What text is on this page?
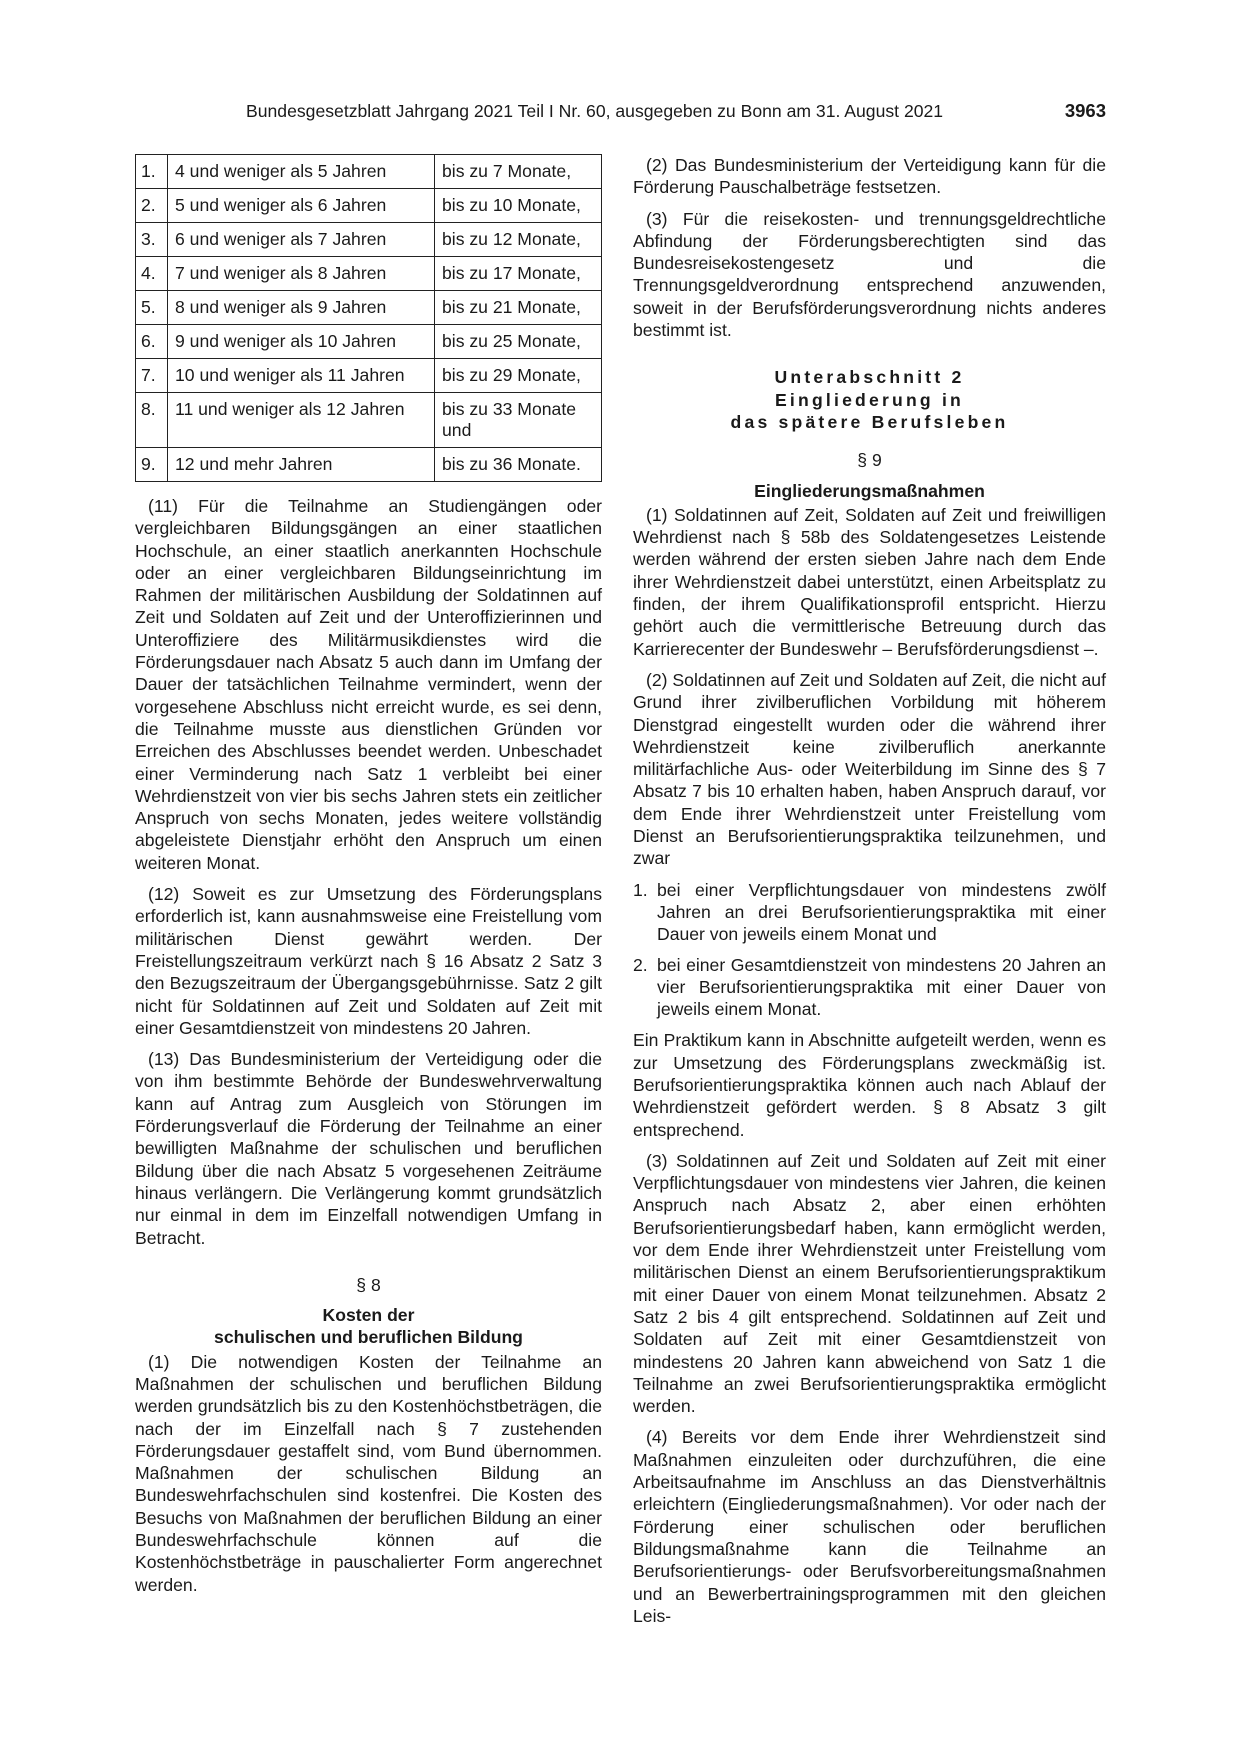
Bundesgesetzblatt Jahrgang 2021 Teil I Nr. 60, ausgegeben zu Bonn am 31. August 2021	3963
1.	4 und weniger als 5 Jahren	bis zu 7 Monate,
2.	5 und weniger als 6 Jahren	bis zu 10 Monate,
3.	6 und weniger als 7 Jahren	bis zu 12 Monate,
4.	7 und weniger als 8 Jahren	bis zu 17 Monate,
5.	8 und weniger als 9 Jahren	bis zu 21 Monate,
6.	9 und weniger als 10 Jahren	bis zu 25 Monate,
7.	10 und weniger als 11 Jahren	bis zu 29 Monate,
8.	11 und weniger als 12 Jahren	bis zu 33 Monate und
9.	12 und mehr Jahren	bis zu 36 Monate.

(11) Für die Teilnahme an Studiengängen oder vergleichbaren Bildungsgängen an einer staatlichen Hochschule, an einer staatlich anerkannten Hochschule oder an einer vergleichbaren Bildungseinrichtung im Rahmen der militärischen Ausbildung der Soldatinnen auf Zeit und Soldaten auf Zeit und der Unteroffizierinnen und Unteroffiziere des Militärmusikdienstes wird die Förderungsdauer nach Absatz 5 auch dann im Umfang der Dauer der tatsächlichen Teilnahme vermindert, wenn der vorgesehene Abschluss nicht erreicht wurde, es sei denn, die Teilnahme musste aus dienstlichen Gründen vor Erreichen des Abschlusses beendet werden. Unbeschadet einer Verminderung nach Satz 1 verbleibt bei einer Wehrdienstzeit von vier bis sechs Jahren stets ein zeitlicher Anspruch von sechs Monaten, jedes weitere vollständig abgeleistete Dienstjahr erhöht den Anspruch um einen weiteren Monat.

(12) Soweit es zur Umsetzung des Förderungsplans erforderlich ist, kann ausnahmsweise eine Freistellung vom militärischen Dienst gewährt werden. Der Freistellungszeitraum verkürzt nach § 16 Absatz 2 Satz 3 den Bezugszeitraum der Übergangsgebührnisse. Satz 2 gilt nicht für Soldatinnen auf Zeit und Soldaten auf Zeit mit einer Gesamtdienstzeit von mindestens 20 Jahren.

(13) Das Bundesministerium der Verteidigung oder die von ihm bestimmte Behörde der Bundeswehrverwaltung kann auf Antrag zum Ausgleich von Störungen im Förderungsverlauf die Förderung der Teilnahme an einer bewilligten Maßnahme der schulischen und beruflichen Bildung über die nach Absatz 5 vorgesehenen Zeiträume hinaus verlängern. Die Verlängerung kommt grundsätzlich nur einmal in dem im Einzelfall notwendigen Umfang in Betracht.

§ 8

Kosten der

schulischen und beruflichen Bildung

(1) Die notwendigen Kosten der Teilnahme an Maßnahmen der schulischen und beruflichen Bildung werden grundsätzlich bis zu den Kostenhöchstbeträgen, die nach der im Einzelfall nach § 7 zustehenden Förderungsdauer gestaffelt sind, vom Bund übernommen. Maßnahmen der schulischen Bildung an Bundeswehrfachschulen sind kostenfrei. Die Kosten des Besuchs von Maßnahmen der beruflichen Bildung an einer Bundeswehrfachschule können auf die Kostenhöchstbeträge in pauschalierter Form angerechnet werden.

(2) Das Bundesministerium der Verteidigung kann für die Förderung Pauschalbeträge festsetzen.

(3) Für die reisekosten- und trennungsgeldrechtliche Abfindung der Förderungsberechtigten sind das Bundesreisekostengesetz und die Trennungsgeldverordnung entsprechend anzuwenden, soweit in der Berufsförderungsverordnung nichts anderes bestimmt ist.

Unterabschnitt 2

Eingliederung in

das spätere Berufsleben

§ 9

Eingliederungsmaßnahmen

(1) Soldatinnen auf Zeit, Soldaten auf Zeit und freiwilligen Wehrdienst nach § 58b des Soldatengesetzes Leistende werden während der ersten sieben Jahre nach dem Ende ihrer Wehrdienstzeit dabei unterstützt, einen Arbeitsplatz zu finden, der ihrem Qualifikationsprofil entspricht. Hierzu gehört auch die vermittlerische Betreuung durch das Karrierecenter der Bundeswehr – Berufsförderungsdienst –.

(2) Soldatinnen auf Zeit und Soldaten auf Zeit, die nicht auf Grund ihrer zivilberuflichen Vorbildung mit höherem Dienstgrad eingestellt wurden oder die während ihrer Wehrdienstzeit keine zivilberuflich anerkannte militärfachliche Aus- oder Weiterbildung im Sinne des § 7 Absatz 7 bis 10 erhalten haben, haben Anspruch darauf, vor dem Ende ihrer Wehrdienstzeit unter Freistellung vom Dienst an Berufsorientierungspraktika teilzunehmen, und zwar

1. bei einer Verpflichtungsdauer von mindestens zwölf Jahren an drei Berufsorientierungspraktika mit einer Dauer von jeweils einem Monat und
2. bei einer Gesamtdienstzeit von mindestens 20 Jahren an vier Berufsorientierungspraktika mit einer Dauer von jeweils einem Monat.

Ein Praktikum kann in Abschnitte aufgeteilt werden, wenn es zur Umsetzung des Förderungsplans zweckmäßig ist. Berufsorientierungspraktika können auch nach Ablauf der Wehrdienstzeit gefördert werden. § 8 Absatz 3 gilt entsprechend.

(3) Soldatinnen auf Zeit und Soldaten auf Zeit mit einer Verpflichtungsdauer von mindestens vier Jahren, die keinen Anspruch nach Absatz 2, aber einen erhöhten Berufsorientierungsbedarf haben, kann ermöglicht werden, vor dem Ende ihrer Wehrdienstzeit unter Freistellung vom militärischen Dienst an einem Berufsorientierungspraktikum mit einer Dauer von einem Monat teilzunehmen. Absatz 2 Satz 2 bis 4 gilt entsprechend. Soldatinnen auf Zeit und Soldaten auf Zeit mit einer Gesamtdienstzeit von mindestens 20 Jahren kann abweichend von Satz 1 die Teilnahme an zwei Berufsorientierungspraktika ermöglicht werden.

(4) Bereits vor dem Ende ihrer Wehrdienstzeit sind Maßnahmen einzuleiten oder durchzuführen, die eine Arbeitsaufnahme im Anschluss an das Dienstverhältnis erleichtern (Eingliederungsmaßnahmen). Vor oder nach der Förderung einer schulischen oder beruflichen Bildungsmaßnahme kann die Teilnahme an Berufsorientierungs- oder Berufsvorbereitungsmaßnahmen und an Bewerbertrainingsprogrammen mit den gleichen Leis-
